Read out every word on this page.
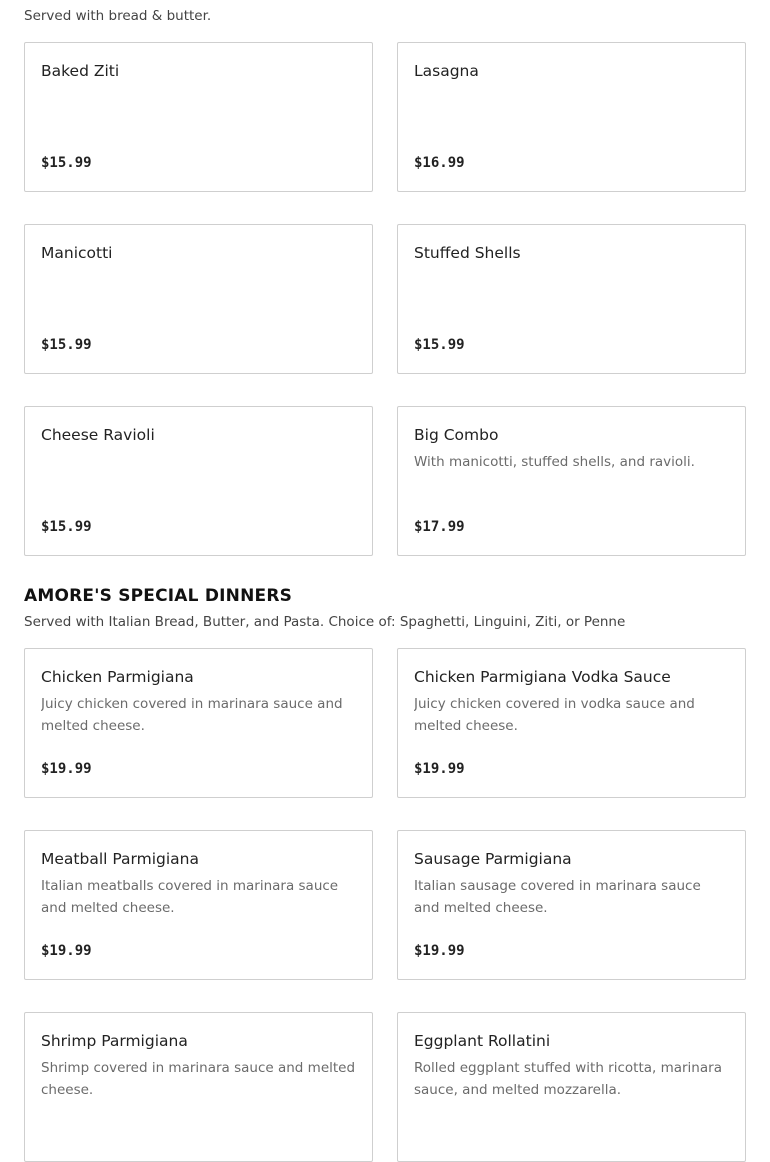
Served with bread & butter.
Baked Ziti
$15.99
Lasagna
$16.99
Manicotti
$15.99
Stuffed Shells
$15.99
Cheese Ravioli
$15.99
Big Combo
With manicotti, stuffed shells, and ravioli.
$17.99
AMORE'S SPECIAL DINNERS
Served with Italian Bread, Butter, and Pasta. Choice of: Spaghetti, Linguini, Ziti, or Penne
Chicken Parmigiana
Juicy chicken covered in marinara sauce and melted cheese.
$19.99
Chicken Parmigiana Vodka Sauce
Juicy chicken covered in vodka sauce and melted cheese.
$19.99
Meatball Parmigiana
Italian meatballs covered in marinara sauce and melted cheese.
$19.99
Sausage Parmigiana
Italian sausage covered in marinara sauce and melted cheese.
$19.99
Shrimp Parmigiana
Shrimp covered in marinara sauce and melted cheese.
Eggplant Rollatini
Rolled eggplant stuffed with ricotta, marinara sauce, and melted mozzarella.
